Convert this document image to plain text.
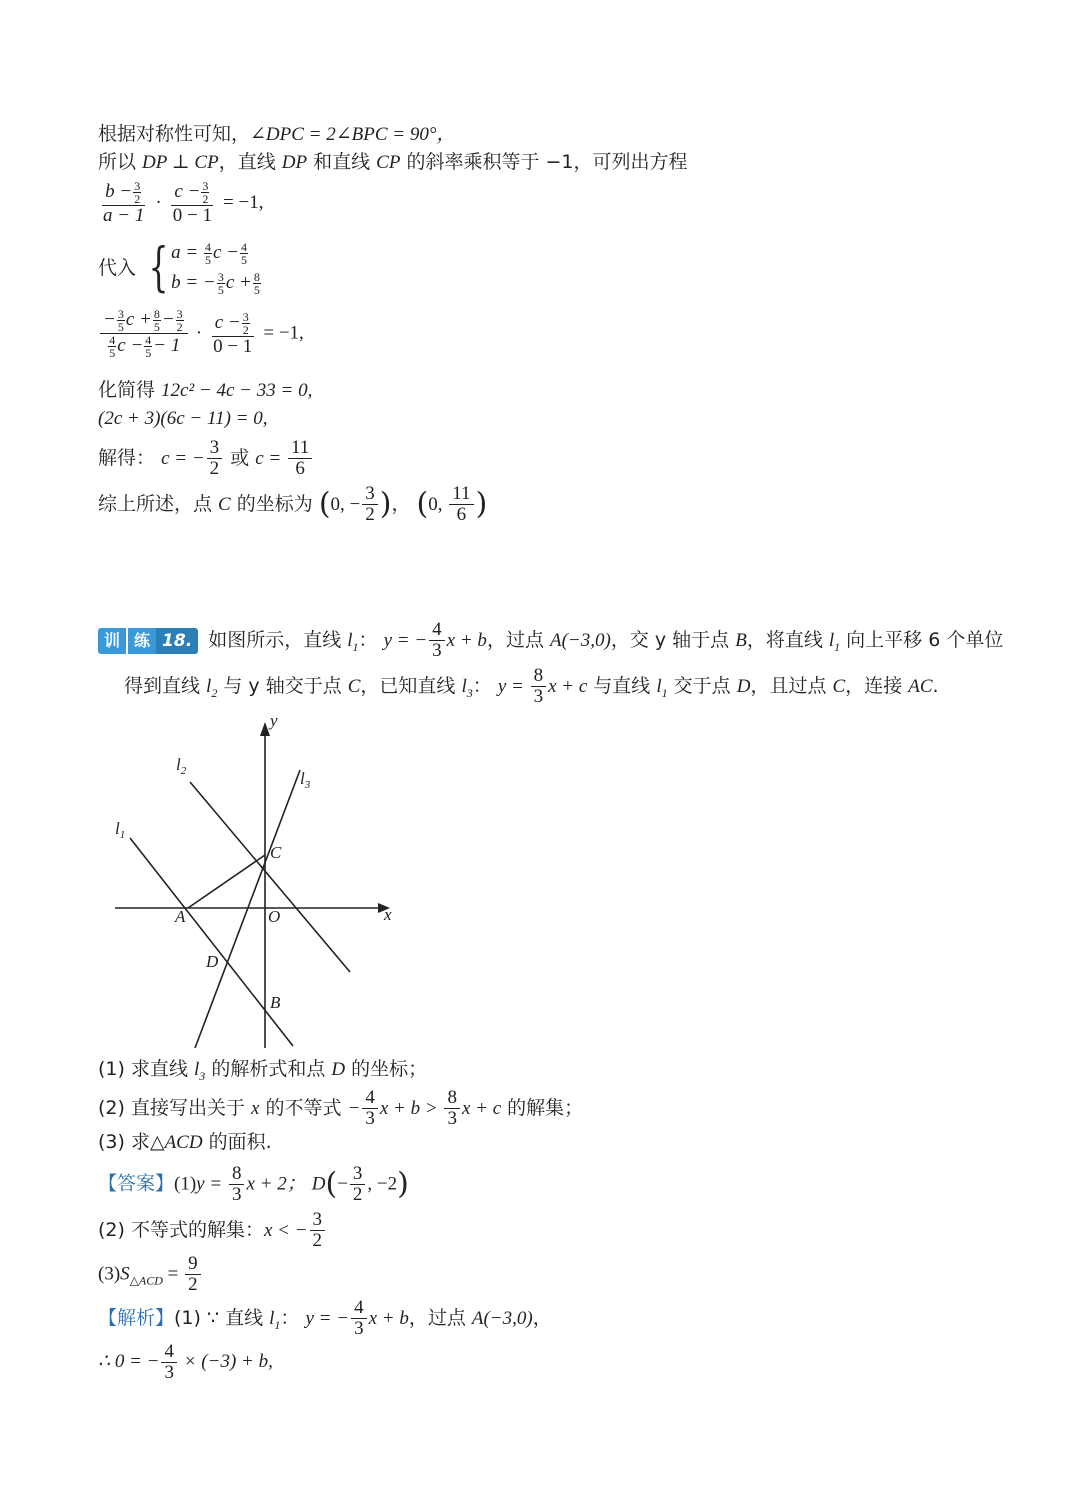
根据对称性可知，∠DPC = 2∠BPC = 90°，
所以 DP ⊥ CP，直线 DP 和直线 CP 的斜率乘积等于 −1，可列出方程
$\frac{b - \frac{3}{2}}{a - 1} \cdot \frac{c - \frac{3}{2}}{0 - 1} = -1$,
代入 { $a = \frac{4}{5}$ $c - \frac{4}{5}$
b = − $\frac{3}{5}$ $c + \frac{8}{5}$
$\frac{- \frac{3}{5} c + \frac{8}{5} - \frac{3}{2}}{\frac{4}{5} c - \frac{4}{5} - 1} \cdot \frac{c - \frac{3}{2}}{0 - 1} = -1$,
化简得 12c² − 4c − 33 = 0,
(2c + 3)(6c − 11) = 0,
解得： c = − $\frac{3}{2}$ 或 $c = \frac{11}{6}$
综上所述，点 C 的坐标为 (0, − $\frac{3}{2}$ )， (0, $\frac{11}{6}$ )
训 练 18. 如图所示，直线 $l_1$： y = − $\frac{4}{3}$ x + b，过点 A(−3,0)，交 y 轴于点 B，将直线 $l_1$ 向上平移 6 个单位
得到直线 $l_2$ 与 y 轴交于点 C，已知直线 $l_3$： $y = \frac{8}{3}$ x + c 与直线 $l_1$ 交于点 D，且过点 C，连接 AC.
y
x
$l_2$	$l_3$
$l_1$
C
A	O
D
B
(1) 求直线 $l_3$ 的解析式和点 D 的坐标；
(2) 直接写出关于 x 的不等式 − $\frac{4}{3}$ $x + b > \frac{8}{3}$ x + c 的解集；
(3) 求△ACD 的面积.
【答案】$(1)y = \frac{8}{3}$ x + 2； $D(- \frac{3}{2}$ , −2)
(2) 不等式的解集：x < − $\frac{3}{2}$
$(3)S_{\triangle ACD} = \frac{9}{2}$
【解析】(1) ∵ 直线 $l_1$： y = − $\frac{4}{3}$ x + b，过点 A(−3,0)，
∴ 0 = − $\frac{4}{3} \times (-3) + b$,
